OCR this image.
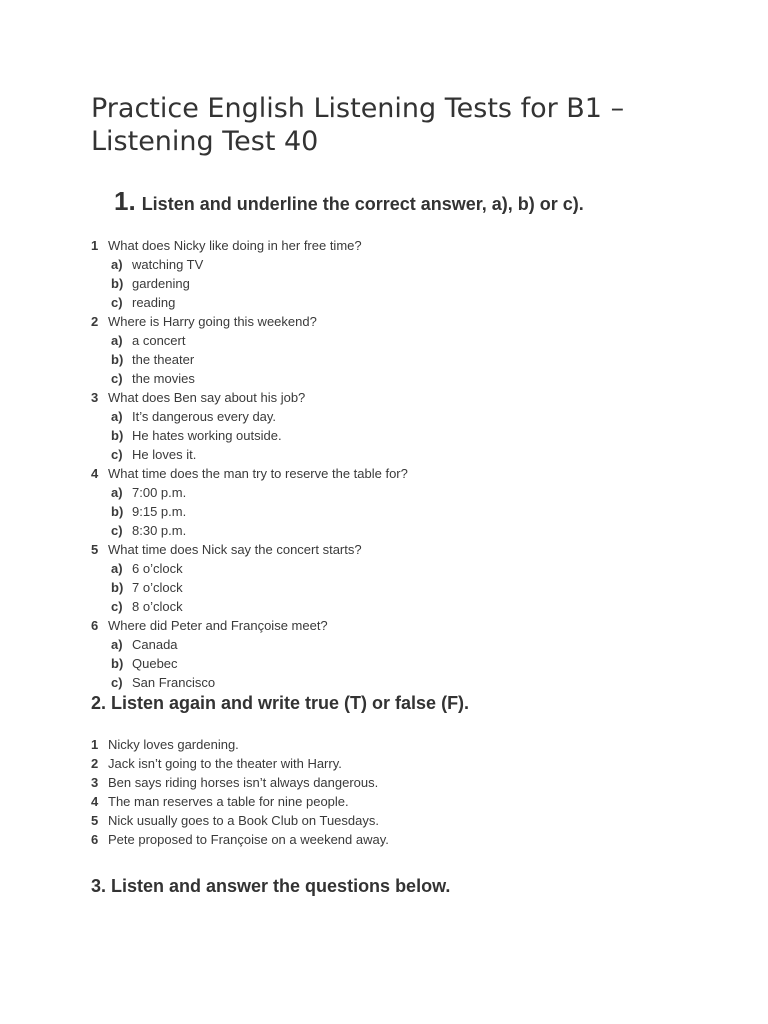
Practice English Listening Tests for B1 – Listening Test 40
1. Listen and underline the correct answer, a), b) or c).
1 What does Nicky like doing in her free time?
a) watching TV
b) gardening
c) reading
2 Where is Harry going this weekend?
a) a concert
b) the theater
c) the movies
3 What does Ben say about his job?
a) It’s dangerous every day.
b) He hates working outside.
c) He loves it.
4 What time does the man try to reserve the table for?
a) 7:00 p.m.
b) 9:15 p.m.
c) 8:30 p.m.
5 What time does Nick say the concert starts?
a) 6 o’clock
b) 7 o’clock
c) 8 o’clock
6 Where did Peter and Françoise meet?
a) Canada
b) Quebec
c) San Francisco
2. Listen again and write true (T) or false (F).
1 Nicky loves gardening.
2 Jack isn’t going to the theater with Harry.
3 Ben says riding horses isn’t always dangerous.
4 The man reserves a table for nine people.
5 Nick usually goes to a Book Club on Tuesdays.
6 Pete proposed to Françoise on a weekend away.
3. Listen and answer the questions below.
